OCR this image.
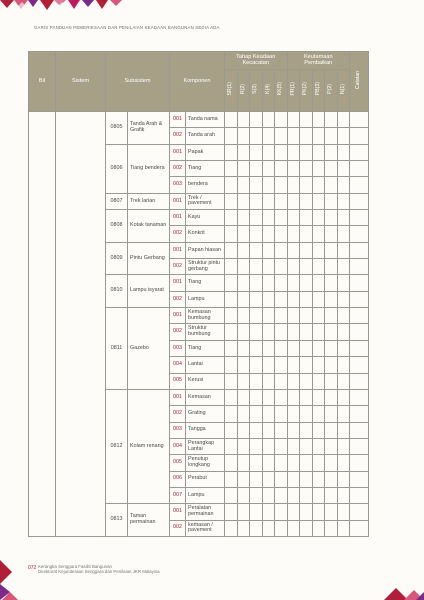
GARIS PANDUAN PEMERIKSAAN DAN PENILAIAN KEADAAN BANGUNAN SEDIA ADA
Bil	Sistem	Subsistem		Komponen		Tahap Keadaan Kecacatan					Keutamaan Pembaikan					Catatan
						SR(1)	R(2)	S(3)	K(4)	KK(5)	PR(1)	PK(2)	PB(3)	P(2)	N(1)	
		0805	Tanda Arah & Grafik	001	Tanda nama											
				002	Tanda arah											
		0806	Tiang bendera	001	Papak											
				002	Tiang											
				003	bendera											
		0807	Trek larian	001	Trek / pavement											
		0808	Kotak tanaman	001	Kayu											
				002	Konkrit											
		0809	Pintu Gerbang	001	Papan hiasan											
				002	Struktur pintu gerbang											
		0810	Lampu isyarat	001	Tiang											
				002	Lampu											
		0811	Gazebo	001	Kemasan bumbung											
				002	Struktur bumbung											
				003	Tiang											
				004	Lantai											
				005	Kerusi											
		0812	Kolam renang	001	Kemasan											
				002	Grating											
				003	Tangga											
				004	Perangkap Lantai											
				005	Penutup longkang											
				006	Perabut											
				007	Lampu											
		0813	Taman permainan	001	Peralatan permainan											
				002	kemasan / pavement											
072 Kerangka Senggara Fasiliti Bangunan
Direktorat Kejuruteraan Senggara dan Penilaian JKR Malaysia
